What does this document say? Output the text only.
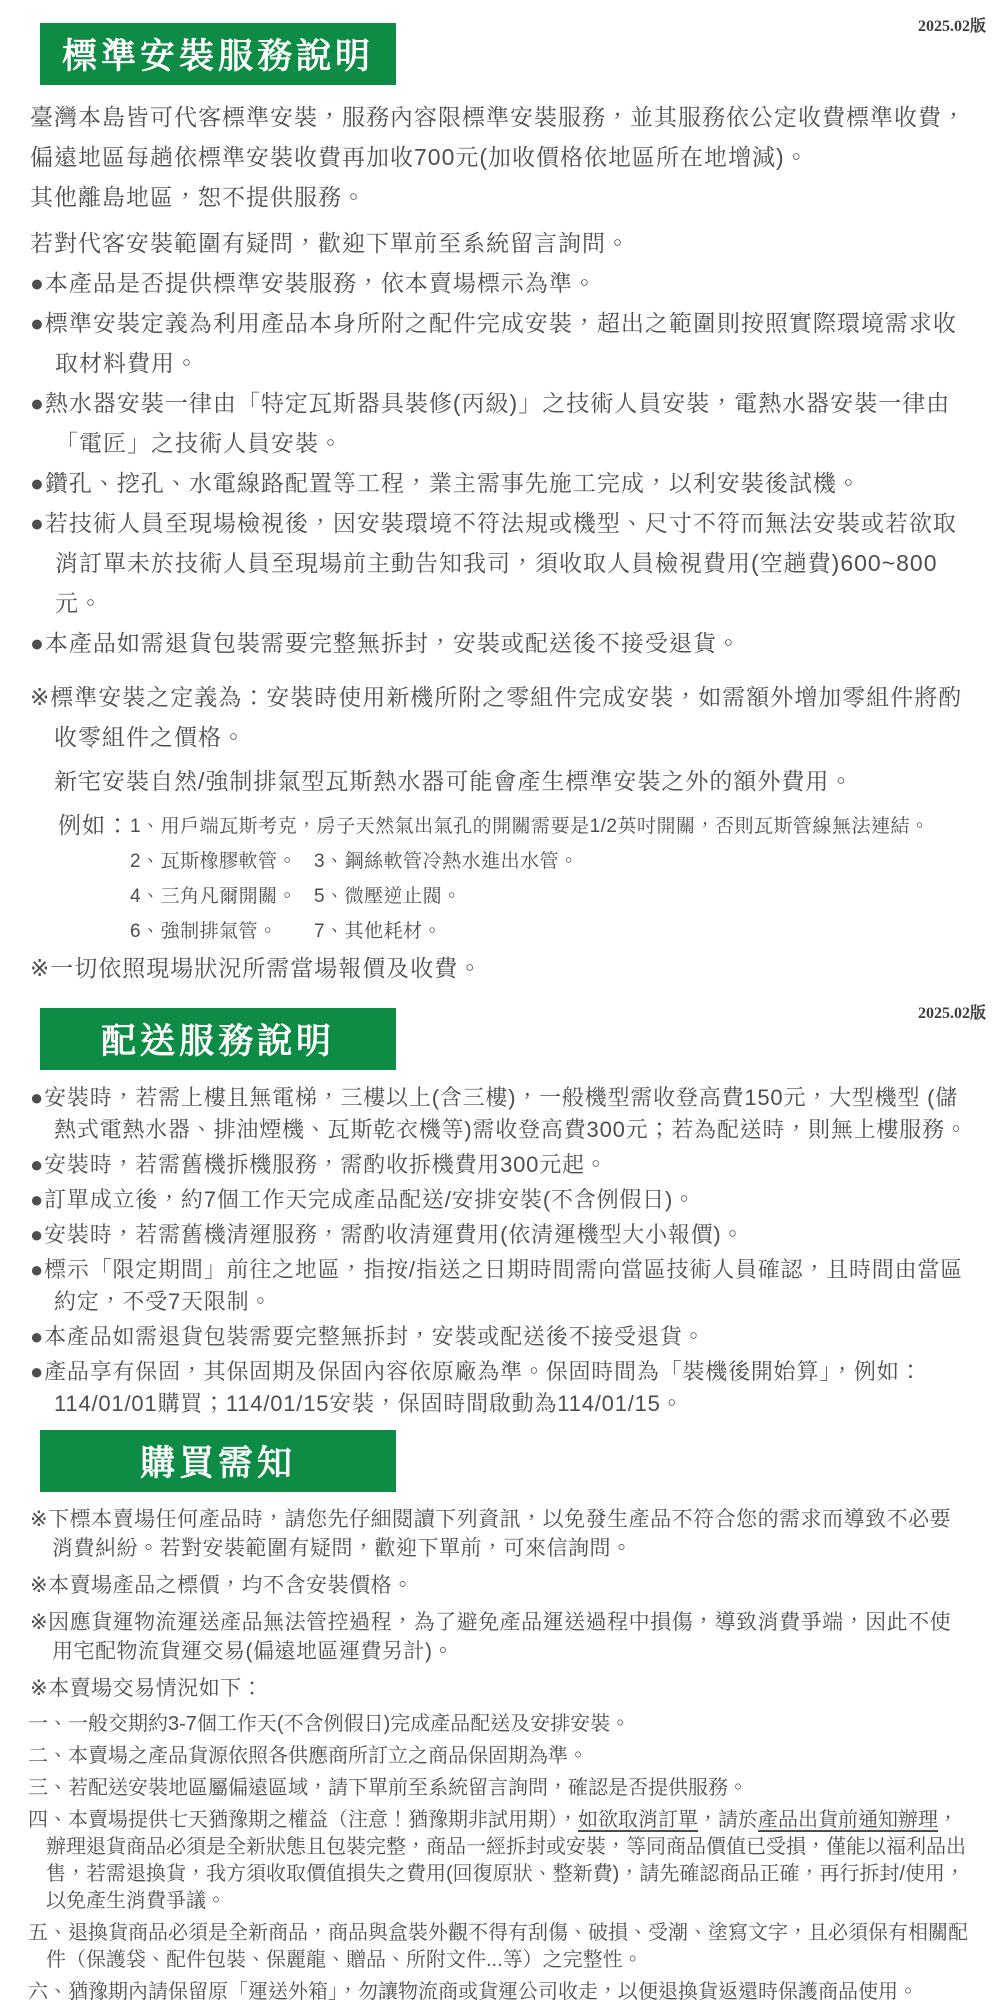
2025.02版
標準安裝服務說明

臺灣本島皆可代客標準安裝，服務內容限標準安裝服務，並其服務依公定收費標準收費，偏遠地區每趟依標準安裝收費再加收700元(加收價格依地區所在地增減)。

其他離島地區，恕不提供服務。

若對代客安裝範圍有疑問，歡迎下單前至系統留言詢問。

●本產品是否提供標準安裝服務，依本賣場標示為準。

●標準安裝定義為利用產品本身所附之配件完成安裝，超出之範圍則按照實際環境需求收取材料費用。

●熱水器安裝一律由「特定瓦斯器具裝修(丙級)」之技術人員安裝，電熱水器安裝一律由「電匠」之技術人員安裝。

●鑽孔、挖孔、水電線路配置等工程，業主需事先施工完成，以利安裝後試機。

●若技術人員至現場檢視後，因安裝環境不符法規或機型、尺寸不符而無法安裝或若欲取消訂單未於技術人員至現場前主動告知我司，須收取人員檢視費用(空趟費)600~800元。

●本產品如需退貨包裝需要完整無拆封，安裝或配送後不接受退貨。

※標準安裝之定義為：安裝時使用新機所附之零組件完成安裝，如需額外增加零組件將酌收零組件之價格。

新宅安裝自然/強制排氣型瓦斯熱水器可能會產生標準安裝之外的額外費用。

例如： 1、用戶端瓦斯考克，房子天然氣出氣孔的開關需要是1/2英吋開關，否則瓦斯管線無法連結。
2、瓦斯橡膠軟管。 3、鋼絲軟管冷熱水進出水管。
4、三角凡爾開關。 5、微壓逆止閥。
6、強制排氣管。	7、其他耗材。

※一切依照現場狀況所需當場報價及收費。

2025.02版
配送服務說明

●安裝時，若需上樓且無電梯，三樓以上(含三樓)，一般機型需收登高費150元，大型機型 (儲熱式電熱水器、排油煙機、瓦斯乾衣機等)需收登高費300元；若為配送時，則無上樓服務。

●安裝時，若需舊機拆機服務，需酌收拆機費用300元起。

●訂單成立後，約7個工作天完成產品配送/安排安裝(不含例假日)。

●安裝時，若需舊機清運服務，需酌收清運費用(依清運機型大小報價)。

●標示「限定期間」前往之地區，指按/指送之日期時間需向當區技術人員確認，且時間由當區約定，不受7天限制。

●本產品如需退貨包裝需要完整無拆封，安裝或配送後不接受退貨。

●產品享有保固，其保固期及保固內容依原廠為準。保固時間為「裝機後開始算」，例如：114/01/01購買；114/01/15安裝，保固時間啟動為114/01/15。

購買需知

※下標本賣場任何產品時，請您先仔細閱讀下列資訊，以免發生產品不符合您的需求而導致不必要消費糾紛。若對安裝範圍有疑問，歡迎下單前，可來信詢問。

※本賣場產品之標價，均不含安裝價格。

※因應貨運物流運送產品無法管控過程，為了避免產品運送過程中損傷，導致消費爭端，因此不使用宅配物流貨運交易(偏遠地區運費另計)。

※本賣場交易情況如下：

一、一般交期約3-7個工作天(不含例假日)完成產品配送及安排安裝。

二、本賣場之產品貨源依照各供應商所訂立之商品保固期為準。

三、若配送安裝地區屬偏遠區域，請下單前至系統留言詢問，確認是否提供服務。

四、本賣場提供七天猶豫期之權益（注意！猶豫期非試用期），如欲取消訂單，請於產品出貨前通知辦理，辦理退貨商品必須是全新狀態且包裝完整，商品一經拆封或安裝，等同商品價值已受損，僅能以福利品出售，若需退換貨，我方須收取價值損失之費用(回復原狀、整新費)，請先確認商品正確，再行拆封/使用，以免產生消費爭議。

五、退換貨商品必須是全新商品，商品與盒裝外觀不得有刮傷、破損、受潮、塗寫文字，且必須保有相關配件（保護袋、配件包裝、保麗龍、贈品、所附文件...等）之完整性。

六、猶豫期內請保留原「運送外箱」，勿讓物流商或貨運公司收走，以便退換貨返還時保護商品使用。
